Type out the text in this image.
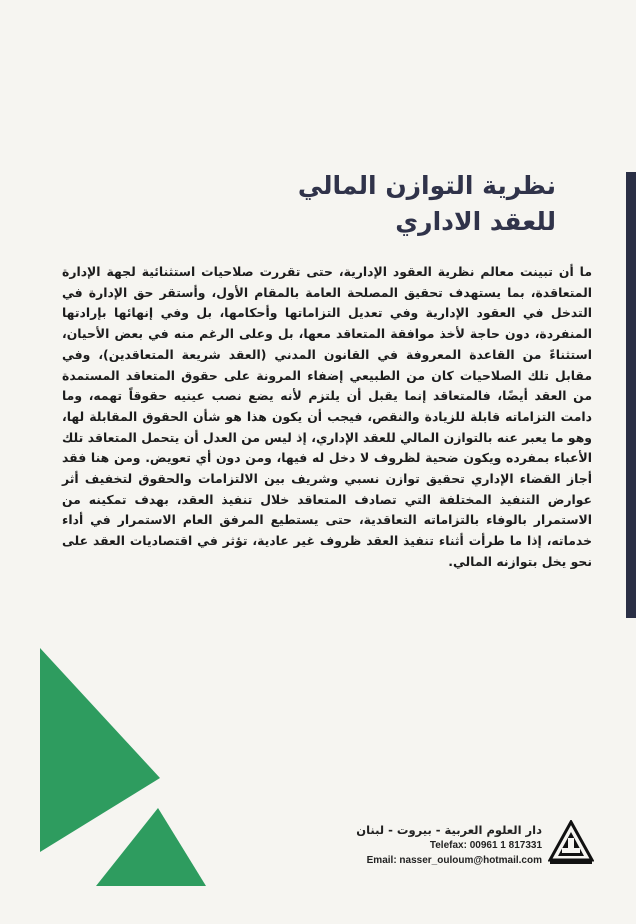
نظرية التوازن المالي

للعقد الاداري

ما أن تبينت معالم نظرية العقود الإدارية، حتى تقررت صلاحيات استثنائية لجهة الإدارة المتعاقدة، بما يستهدف تحقيق المصلحة العامة بالمقام الأول، وأستقر حق الإدارة في التدخل في العقود الإدارية وفي تعديل التزاماتها وأحكامها، بل وفي إنهائها بإرادتها المنفردة، دون حاجة لأخذ موافقة المتعاقد معها، بل وعلى الرغم منه في بعض الأحيان، استثناءً من القاعدة المعروفة في القانون المدني (العقد شريعة المتعاقدين)، وفي مقابل تلك الصلاحيات كان من الطبيعي إضفاء المرونة على حقوق المتعاقد المستمدة من العقد أيضًا، فالمتعاقد إنما يقبل أن يلتزم لأنه يضع نصب عينيه حقوقاً تهمه، وما دامت التزاماته قابلة للزيادة والنقص، فيجب أن يكون هذا هو شأن الحقوق المقابلة لها، وهو ما يعبر عنه بالتوازن المالي للعقد الإداري، إذ ليس من العدل أن يتحمل المتعاقد تلك الأعباء بمفرده ويكون ضحية لظروف لا دخل له فيها، ومن دون أي تعويض. ومن هنا فقد أجاز القضاء الإداري تحقيق توازن نسبي وشريف بين الالتزامات والحقوق لتخفيف أثر عوارض التنفيذ المختلفة التي تصادف المتعاقد خلال تنفيذ العقد، بهدف تمكينه من الاستمرار بالوفاء بالتزاماته التعاقدية، حتى يستطيع المرفق العام الاستمرار في أداء خدماته، إذا ما طرأت أثناء تنفيذ العقد ظروف غير عادية، تؤثر في اقتصاديات العقد على نحو يخل بتوازنه المالي.

دار العلوم العربية - بيروت - لبنان

Telefax: 00961 1 817331

Email: nasser_ouloum@hotmail.com
